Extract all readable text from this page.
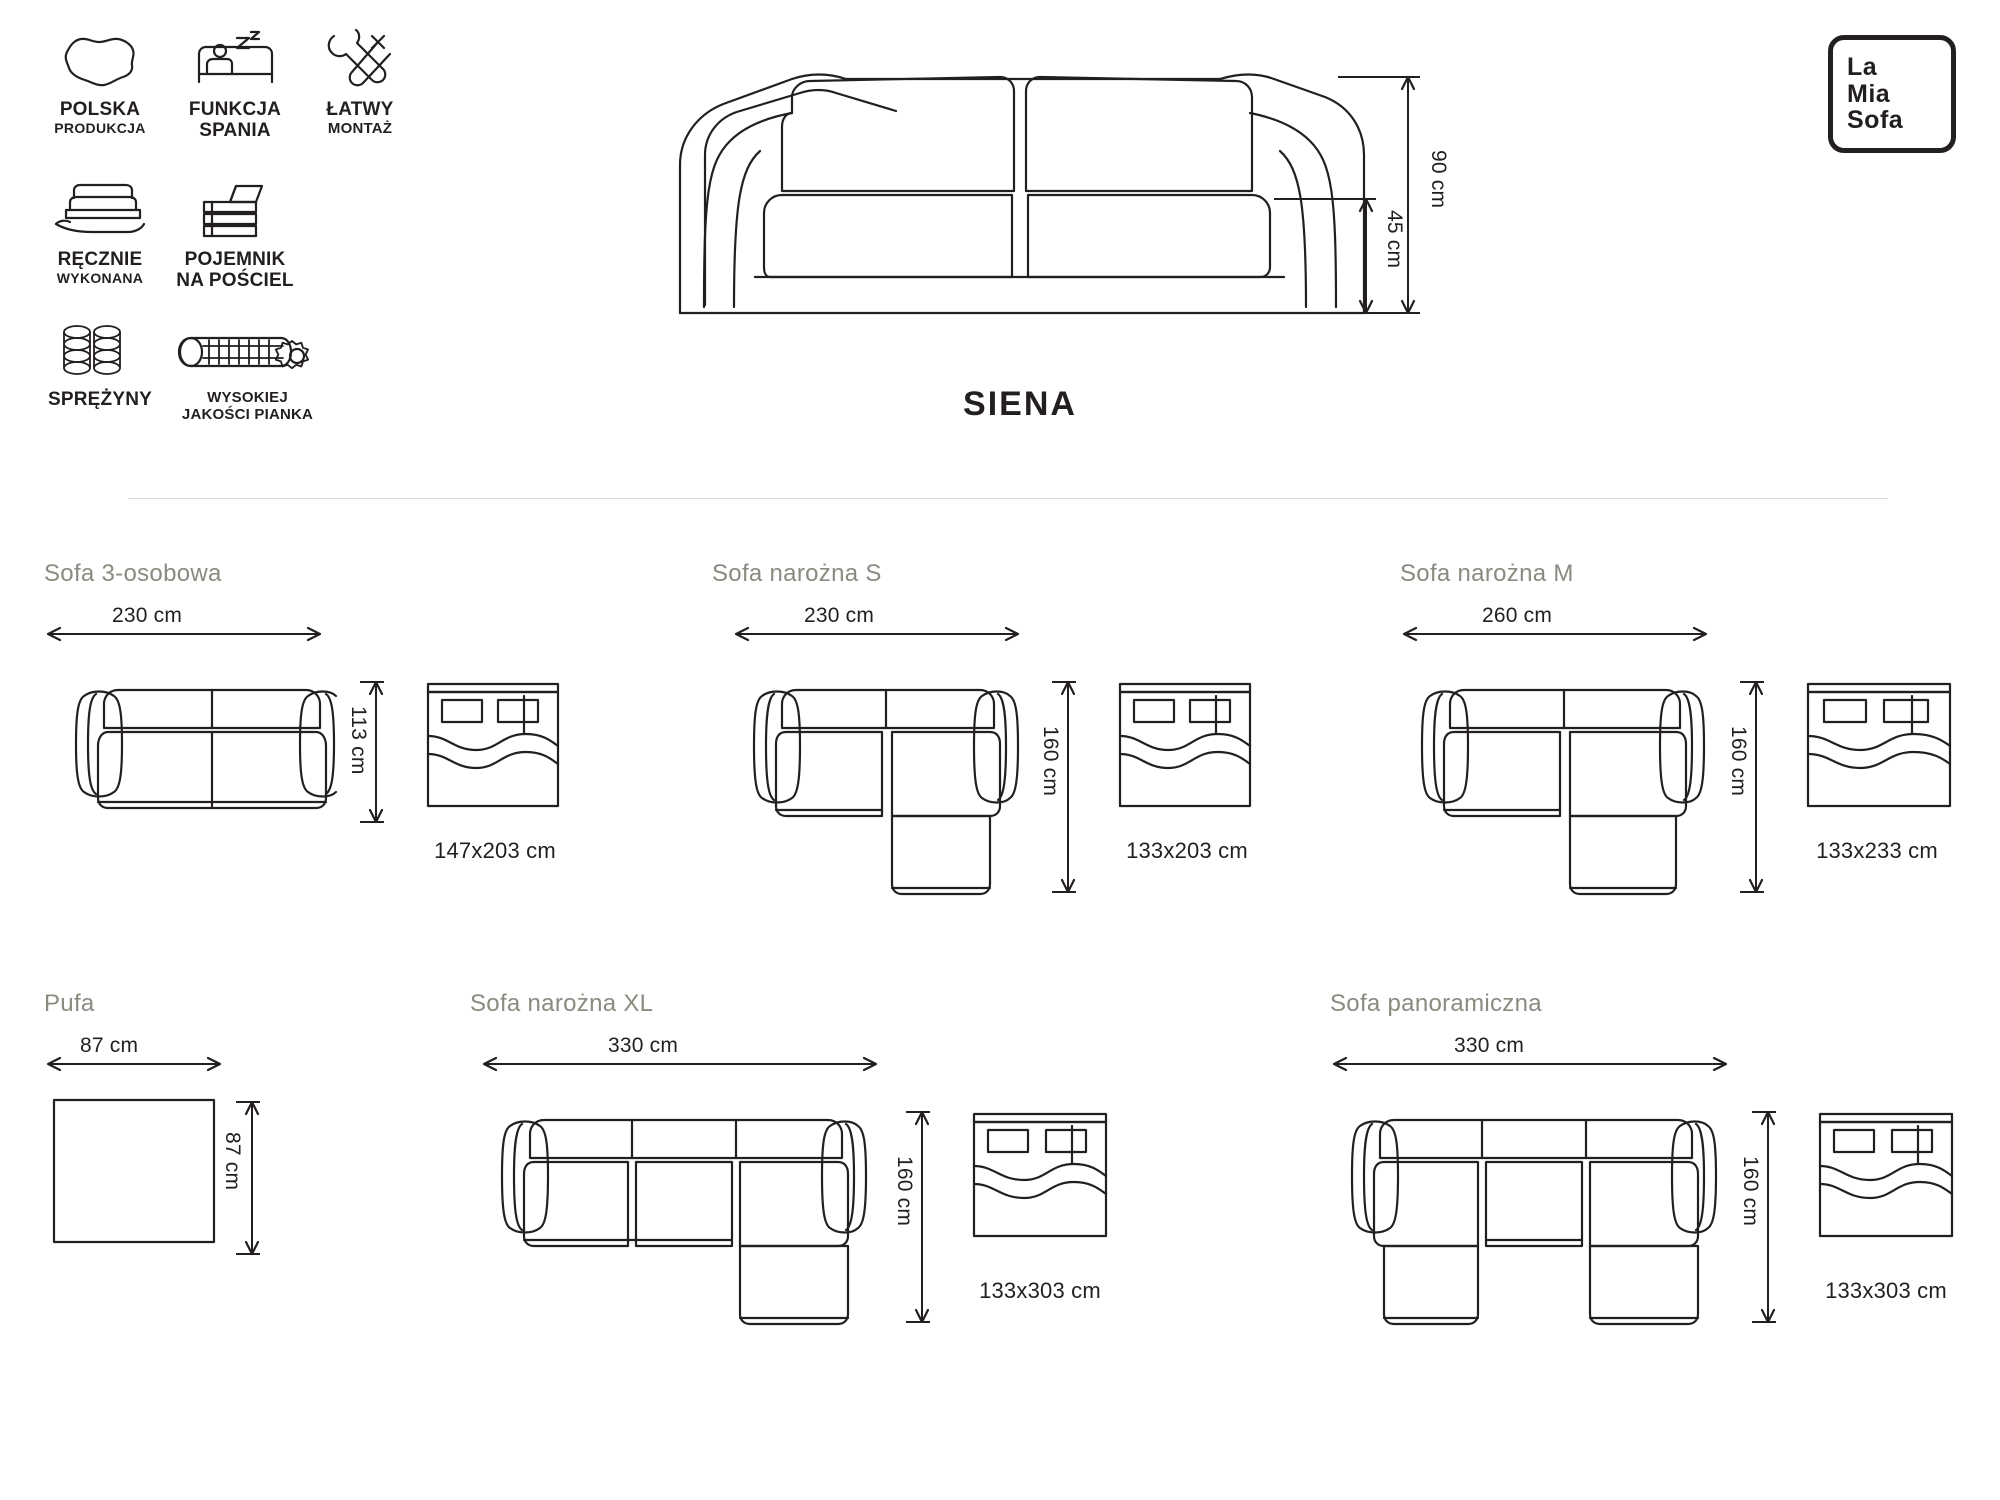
POLSKA
PRODUKCJA
FUNKCJA
SPANIA
ŁATWY
MONTAŻ
RĘCZNIE
WYKONANA
POJEMNIK
NA POŚCIEL
SPRĘŻYNY	WYSOKIEJ
JAKOŚCI PIANKA
90 cm
45 cm
SIENA
La
Mia
Sofa
Sofa 3-osobowa
230 cm
113 cm
147x203 cm
Sofa narożna S
230 cm
160 cm
133x203 cm
Sofa narożna M
260 cm
160 cm
133x233 cm
Pufa
87 cm
87 cm
Sofa narożna XL
330 cm
160 cm
133x303 cm
Sofa panoramiczna
330 cm
160 cm
133x303 cm
